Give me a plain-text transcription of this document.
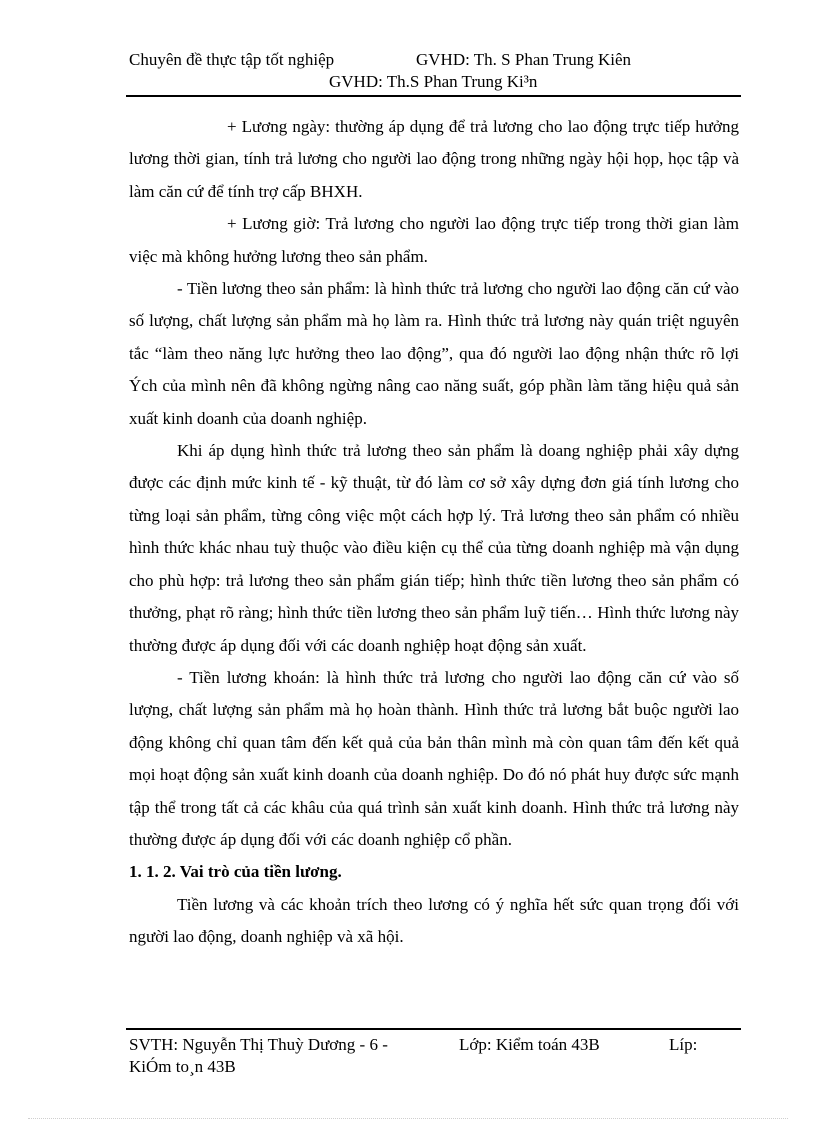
Chuyên đề thực tập tốt nghiệp	GVHD: Th. S Phan Trung Kiên
GVHD: Th.S Phan Trung Ki³n

+ Lương ngày: thường áp dụng để trả lương cho lao động trực tiếp hưởng lương thời gian, tính trả lương cho người lao động trong những ngày hội họp, học tập và làm căn cứ để tính trợ cấp BHXH.

+ Lương giờ: Trả lương cho người lao động trực tiếp trong thời gian làm việc mà không hưởng lương theo sản phẩm.

- Tiền lương theo sản phẩm: là hình thức trả lương cho người lao động căn cứ vào số lượng, chất lượng sản phẩm mà họ làm ra. Hình thức trả lương này quán triệt nguyên tắc “làm theo năng lực hưởng theo lao động”, qua đó người lao động nhận thức rõ lợi Ých của mình nên đã không ngừng nâng cao năng suất, góp phần làm tăng hiệu quả sản xuất kinh doanh của doanh nghiệp.

Khi áp dụng hình thức trả lương theo sản phẩm là doang nghiệp phải xây dựng được các định mức kinh tế - kỹ thuật, từ đó làm cơ sở xây dựng đơn giá tính lương cho từng loại sản phẩm, từng công việc một cách hợp lý. Trả lương theo sản phẩm có nhiều hình thức khác nhau tuỳ thuộc vào điều kiện cụ thể của từng doanh nghiệp mà vận dụng cho phù hợp: trả lương theo sản phẩm gián tiếp; hình thức tiền lương theo sản phẩm có thưởng, phạt rõ ràng; hình thức tiền lương theo sản phẩm luỹ tiến… Hình thức lương này thường được áp dụng đối với các doanh nghiệp hoạt động sản xuất.

- Tiền lương khoán: là hình thức trả lương cho người lao động căn cứ vào số lượng, chất lượng sản phẩm mà họ hoàn thành. Hình thức trả lương bắt buộc người lao động không chỉ quan tâm đến kết quả của bản thân mình mà còn quan tâm đến kết quả mọi hoạt động sản xuất kinh doanh của doanh nghiệp. Do đó nó phát huy được sức mạnh tập thể trong tất cả các khâu của quá trình sản xuất kinh doanh. Hình thức trả lương này thường được áp dụng đối với các doanh nghiệp cổ phần.

1. 1. 2. Vai trò của tiền lương.

Tiền lương và các khoản trích theo lương có ý nghĩa hết sức quan trọng đối với người lao động, doanh nghiệp và xã hội.

SVTH: Nguyễn Thị Thuỳ Dương - 6 -	Lớp: Kiểm toán 43B	Líp:
KiÓm to¸n 43B
